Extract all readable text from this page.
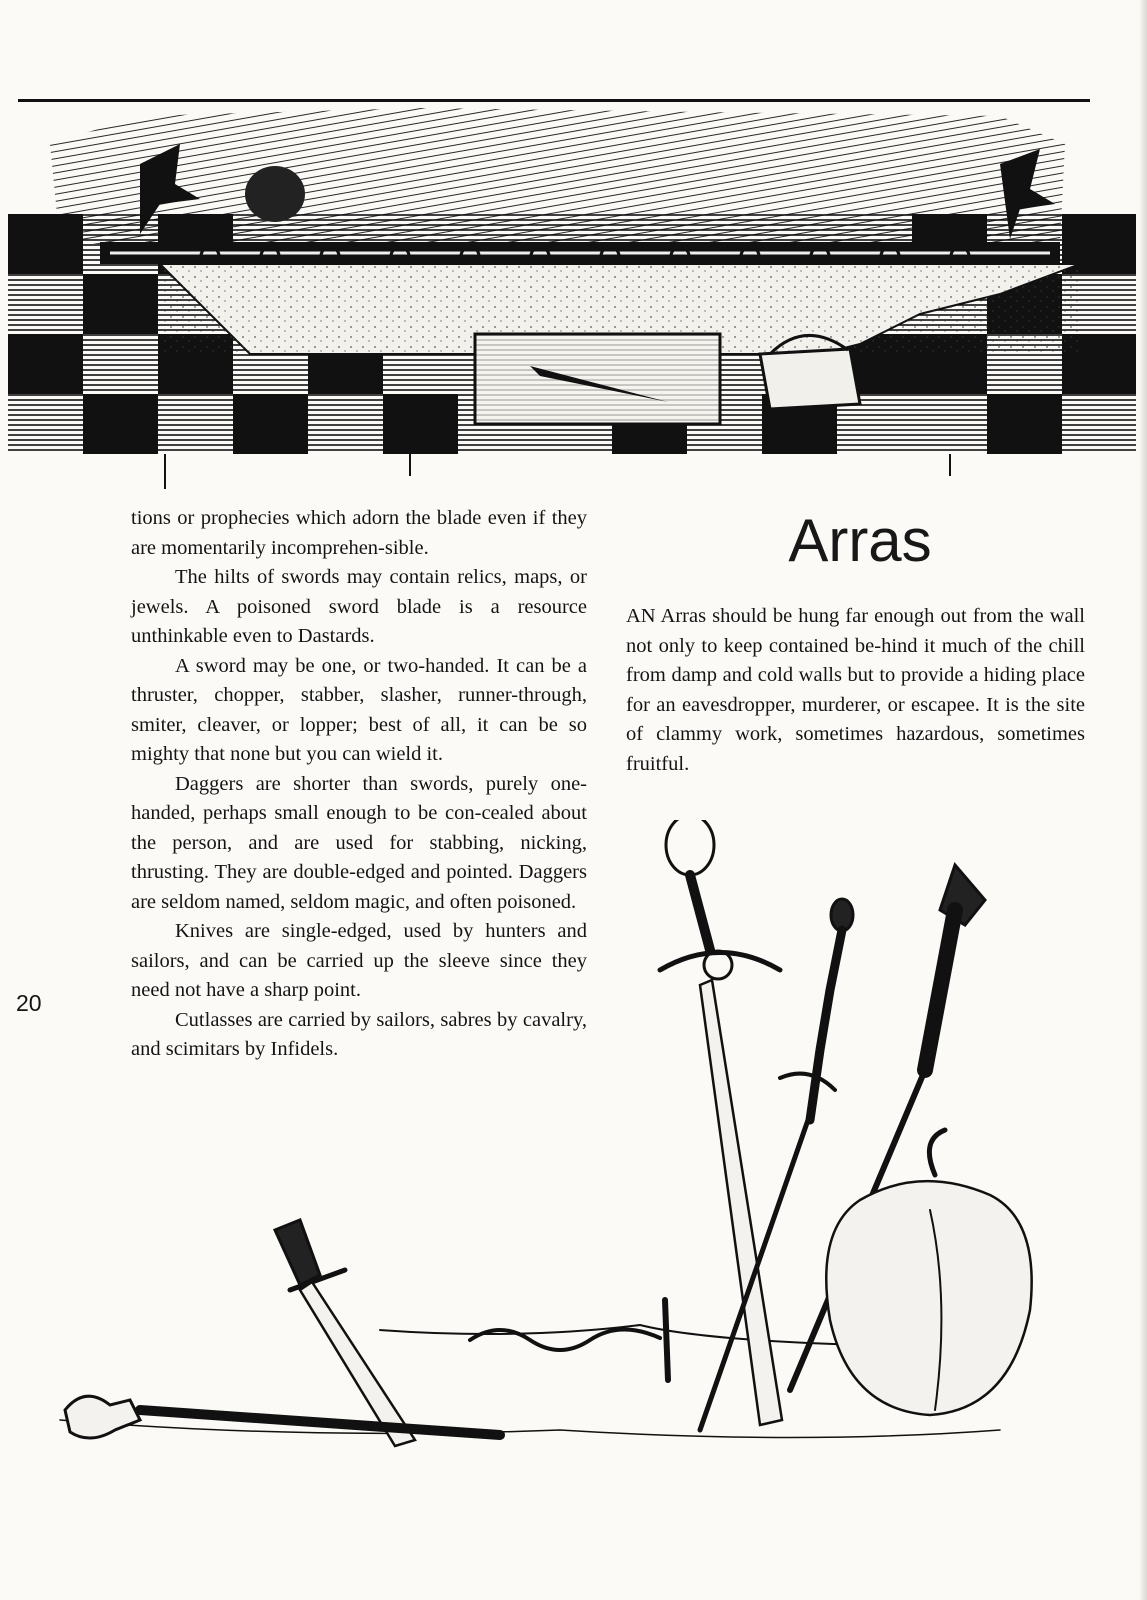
tions or prophecies which adorn the blade even if they are momentarily incomprehen-sible.

The hilts of swords may contain relics, maps, or jewels. A poisoned sword blade is a resource unthinkable even to Dastards.

A sword may be one, or two-handed. It can be a thruster, chopper, stabber, slasher, runner-through, smiter, cleaver, or lopper; best of all, it can be so mighty that none but you can wield it.

Daggers are shorter than swords, purely one-handed, perhaps small enough to be con-cealed about the person, and are used for stabbing, nicking, thrusting. They are double-edged and pointed. Daggers are seldom named, seldom magic, and often poisoned.

Knives are single-edged, used by hunters and sailors, and can be carried up the sleeve since they need not have a sharp point.

Cutlasses are carried by sailors, sabres by cavalry, and scimitars by Infidels.

Arras

AN Arras should be hung far enough out from the wall not only to keep contained be-hind it much of the chill from damp and cold walls but to provide a hiding place for an eavesdropper, murderer, or escapee. It is the site of clammy work, sometimes hazardous, sometimes fruitful.

20
